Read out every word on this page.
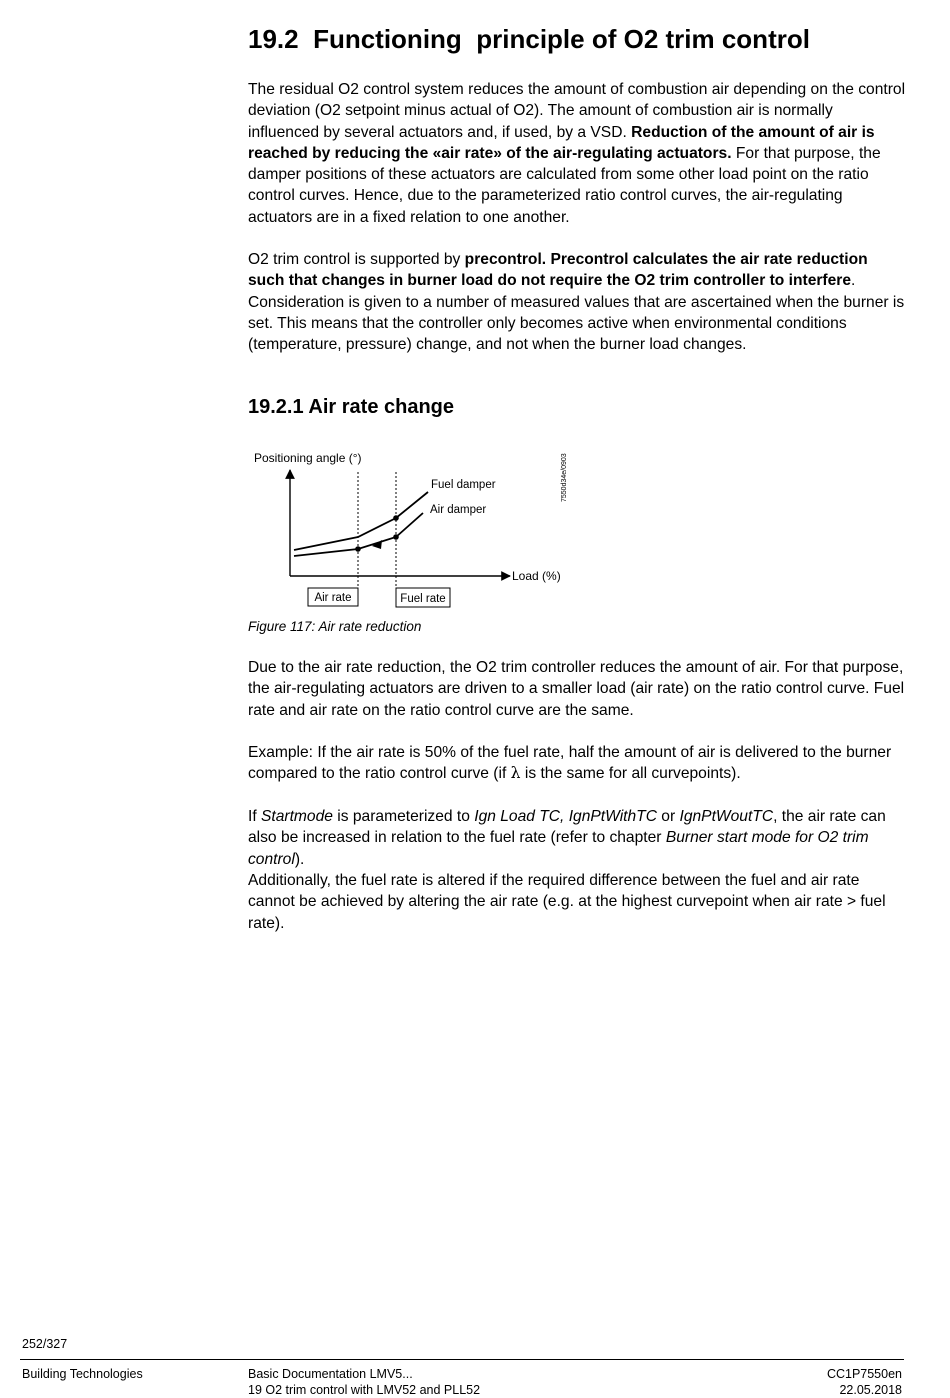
19.2 Functioning  principle of O2 trim control

The residual O2 control system reduces the amount of combustion air depending on the control deviation (O2 setpoint minus actual of O2). The amount of combustion air is normally influenced by several actuators and, if used, by a VSD. Reduction of the amount of air is reached by reducing the «air rate» of the air-regulating actuators. For that purpose, the damper positions of these actuators are calculated from some other load point on the ratio control curves. Hence, due to the parameterized ratio control curves, the air-regulating actuators are in a fixed relation to one another.

O2 trim control is supported by precontrol. Precontrol calculates the air rate reduction such that changes in burner load do not require the O2 trim controller to interfere. Consideration is given to a number of measured values that are ascertained when the burner is set. This means that the controller only becomes active when environmental conditions (temperature, pressure) change, and not when the burner load changes.

19.2.1 Air rate change
Positioning angle (°)
Load (%)
Fuel damper
Air damper
Air rate	Fuel rate
7550d34e/0903

Figure 117: Air rate reduction

Due to the air rate reduction, the O2 trim controller reduces the amount of air. For that purpose, the air-regulating actuators are driven to a smaller load (air rate) on the ratio control curve. Fuel rate and air rate on the ratio control curve are the same.

Example: If the air rate is 50% of the fuel rate, half the amount of air is delivered to the burner compared to the ratio control curve (if λ is the same for all curvepoints).

If Startmode is parameterized to Ign Load TC, IgnPtWithTC or IgnPtWoutTC, the air rate can also be increased in relation to the fuel rate (refer to chapter Burner start mode for O2 trim control).

Additionally, the fuel rate is altered if the required difference between the fuel and air rate cannot be achieved by altering the air rate (e.g. at the highest curvepoint when air rate > fuel rate).

252/327
Building Technologies	Basic Documentation LMV5...
19 O2 trim control with LMV52 and PLL52
CC1P7550en
22.05.2018
